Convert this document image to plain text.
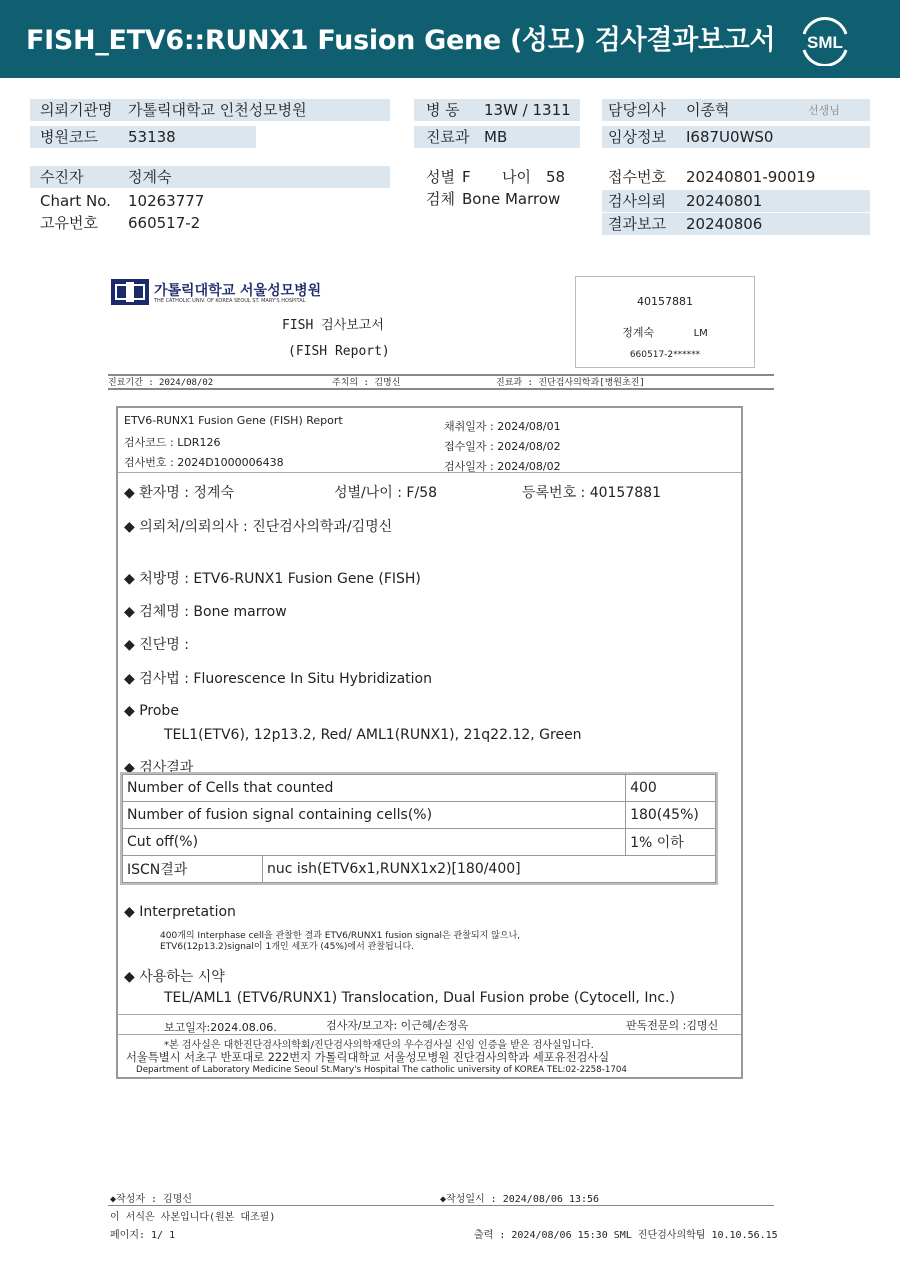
FISH_ETV6::RUNX1 Fusion Gene (성모) 검사결과보고서 SML
의뢰기관명 가톨릭대학교 인천성모병원	병 동 13W / 1311 담당의사 이종혁	선생님
병원코드 53138	진료과 MB	임상정보 I687U0WS0
수진자	정계숙	성별 F 나이 58	접수번호 20240801-90019
Chart No. 10263777	검체 Bone Marrow	검사의뢰 20240801
고유번호 660517-2	결과보고 20240806
가톨릭대학교 서울성모병원
THE CATHOLIC UNIV. OF KOREA SEOUL ST. MARY'S HOSPITAL
FISH 검사보고서
(FISH Report)
40157881
정계숙	LM
660517-2******
진료기간 : 2024/08/02	주치의 : 김명신	진료과 : 진단검사의학과[병원초진]
ETV6-RUNX1 Fusion Gene (FISH) Report
검사코드 : LDR126
검사번호 : 2024D1000006438
채취일자 : 2024/08/01
접수일자 : 2024/08/02
검사일자 : 2024/08/02
◆ 환자명 : 정계숙	성별/나이 : F/58	등록번호 : 40157881
◆ 의뢰처/의뢰의사 : 진단검사의학과/김명신
◆ 처방명 : ETV6-RUNX1 Fusion Gene (FISH)
◆ 검체명 : Bone marrow
◆ 진단명 :
◆ 검사법 : Fluorescence In Situ Hybridization
◆ Probe
TEL1(ETV6), 12p13.2, Red/ AML1(RUNX1), 21q22.12, Green
◆ 검사결과
Number of Cells that counted		400
Number of fusion signal containing cells(%)		180(45%)
Cut off(%)		1% 이하
ISCN결과	nuc ish(ETV6x1,RUNX1x2)[180/400]	
◆ Interpretation
400개의 Interphase cell을 관찰한 결과 ETV6/RUNX1 fusion signal은 관찰되지 않으나,
ETV6(12p13.2)signal이 1개인 세포가 (45%)에서 관찰됩니다.
◆ 사용하는 시약
TEL/AML1 (ETV6/RUNX1) Translocation, Dual Fusion probe (Cytocell, Inc.)
보고일자:2024.08.06.	검사자/보고자: 이근혜/손정옥	판독전문의 :김명신
*본 검사실은 대한진단검사의학회/진단검사의학재단의 우수검사실 신임 인증을 받은 검사실입니다.
서울특별시 서초구 반포대로 222번지 가톨릭대학교 서울성모병원 진단검사의학과 세포유전검사실
Department of Laboratory Medicine Seoul St.Mary's Hospital The catholic university of KOREA TEL:02-2258-1704
◆작성자 : 김명신	◆작성일시 : 2024/08/06 13:56
이 서식은 사본입니다(원본 대조필)
페이지: 1/ 1	출력 : 2024/08/06 15:30 SML 진단검사의학팀 10.10.56.15
